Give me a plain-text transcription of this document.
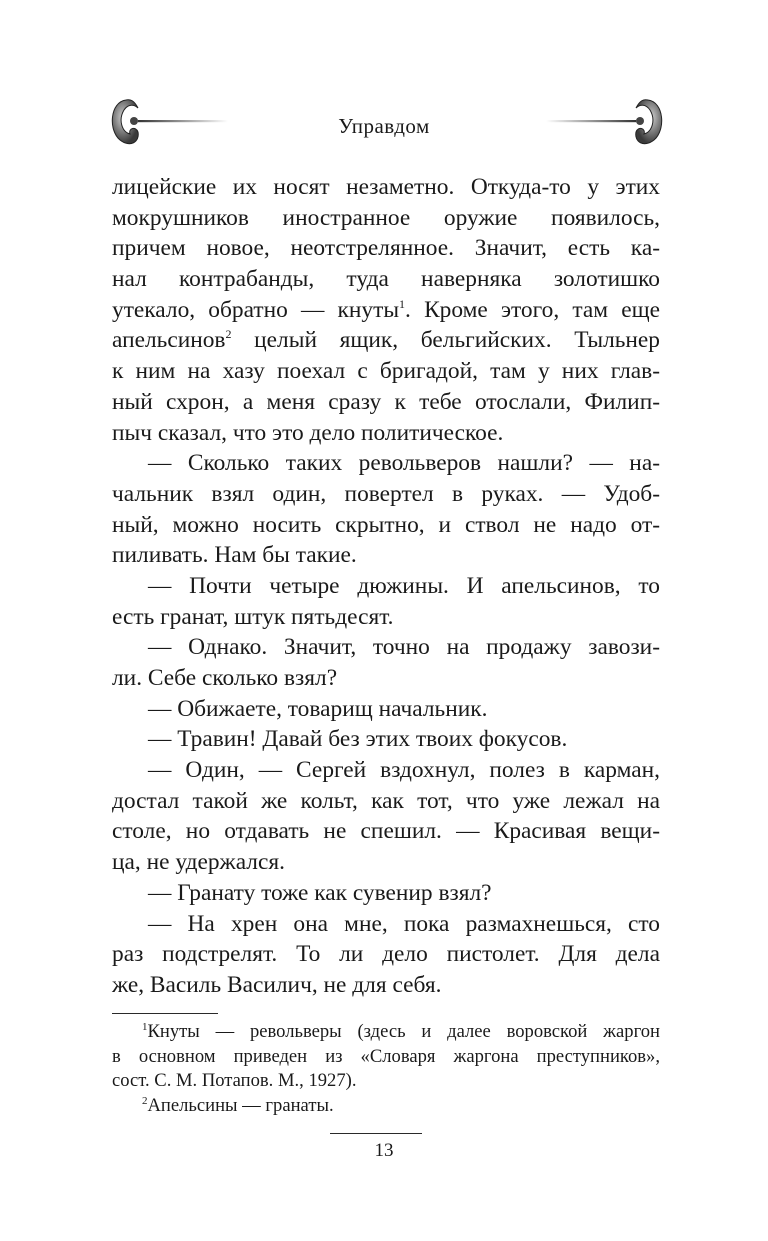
Управдом
лицейские их носят незаметно. Откуда-то у этих
мокрушников иностранное оружие появилось,
причем новое, неотстрелянное. Значит, есть ка-
нал контрабанды, туда наверняка золотишко
утекало, обратно — кнуты$^1$. Кроме этого, там еще
апельсинов$^2$ целый ящик, бельгийских. Тыльнер
к ним на хазу поехал с бригадой, там у них глав-
ный схрон, а меня сразу к тебе отослали, Филип-
пыч сказал, что это дело политическое.
— Сколько таких револьверов нашли? — на-
чальник взял один, повертел в руках. — Удоб-
ный, можно носить скрытно, и ствол не надо от-
пиливать. Нам бы такие.
— Почти четыре дюжины. И апельсинов, то
есть гранат, штук пятьдесят.
— Однако. Значит, точно на продажу завози-
ли. Себе сколько взял?
— Обижаете, товарищ начальник.
— Травин! Давай без этих твоих фокусов.
— Один, — Сергей вздохнул, полез в карман,
достал такой же кольт, как тот, что уже лежал на
столе, но отдавать не спешил. — Красивая вещи-
ца, не удержался.
— Гранату тоже как сувенир взял?
— На хрен она мне, пока размахнешься, сто
раз подстрелят. То ли дело пистолет. Для дела
же, Василь Василич, не для себя.
$^1$Кнуты — револьверы (здесь и далее воровской жаргон
в основном приведен из «Словаря жаргона преступников»,
сост. С. М. Потапов. М., 1927).
$^2$Апельсины — гранаты.
13
